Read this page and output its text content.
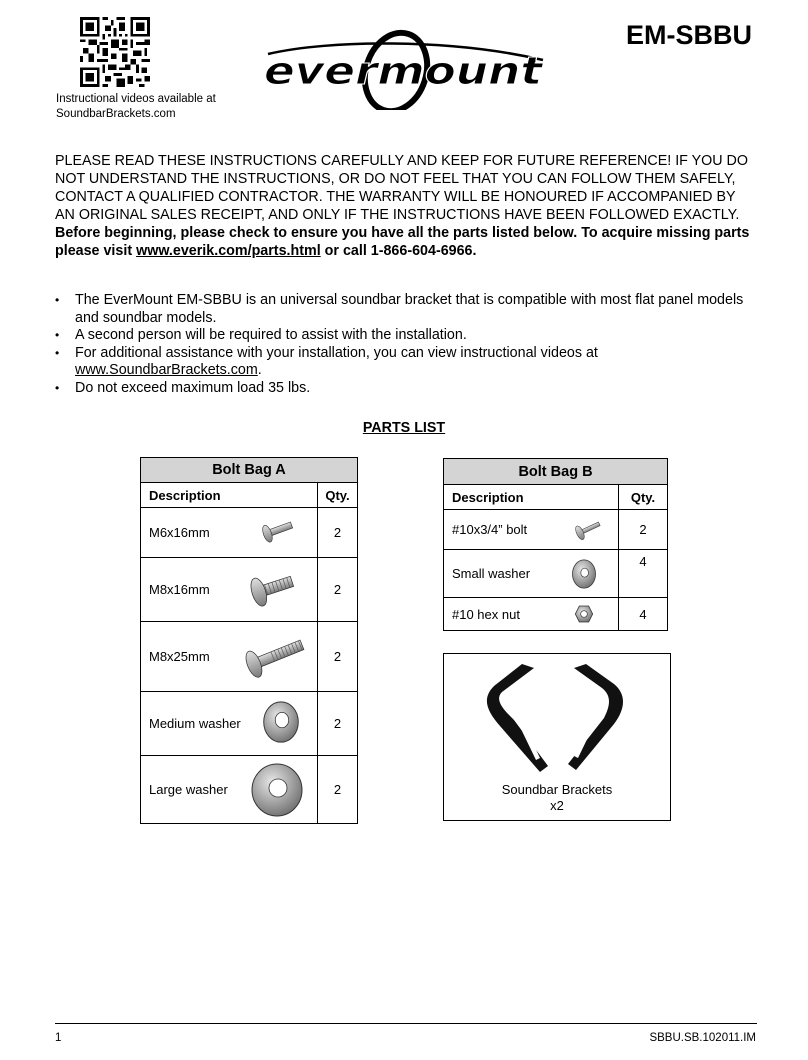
Instructional videos available at
SoundbarBrackets.com
evermount
™
EM-SBBU

PLEASE READ THESE INSTRUCTIONS CAREFULLY AND KEEP FOR FUTURE REFERENCE! IF YOU DO NOT UNDERSTAND THE INSTRUCTIONS, OR DO NOT FEEL THAT YOU CAN FOLLOW THEM SAFELY, CONTACT A QUALIFIED CONTRACTOR. THE WARRANTY WILL BE HONOURED IF ACCOMPANIED BY AN ORIGINAL SALES RECEIPT, AND ONLY IF THE INSTRUCTIONS HAVE BEEN FOLLOWED EXACTLY.

Before beginning, please check to ensure you have all the parts listed below. To acquire missing parts please visit www.everik.com/parts.html or call 1-866-604-6966.

• The EverMount EM-SBBU is an universal soundbar bracket that is compatible with most flat panel models and soundbar models.
• A second person will be required to assist with the installation.
• For additional assistance with your installation, you can view instructional videos at www.SoundbarBrackets.com.
• Do not exceed maximum load 35 lbs.
PARTS LIST
Bolt Bag A	
Description	Qty.
M6x16mm	2
M8x16mm	2
M8x25mm	2
Medium washer	2
Large washer	2
Bolt Bag B	
Description	Qty.
#10x3/4” bolt	2
Small washer	4
#10 hex nut	4
Soundbar Brackets
x2
1	SBBU.SB.102011.IM
